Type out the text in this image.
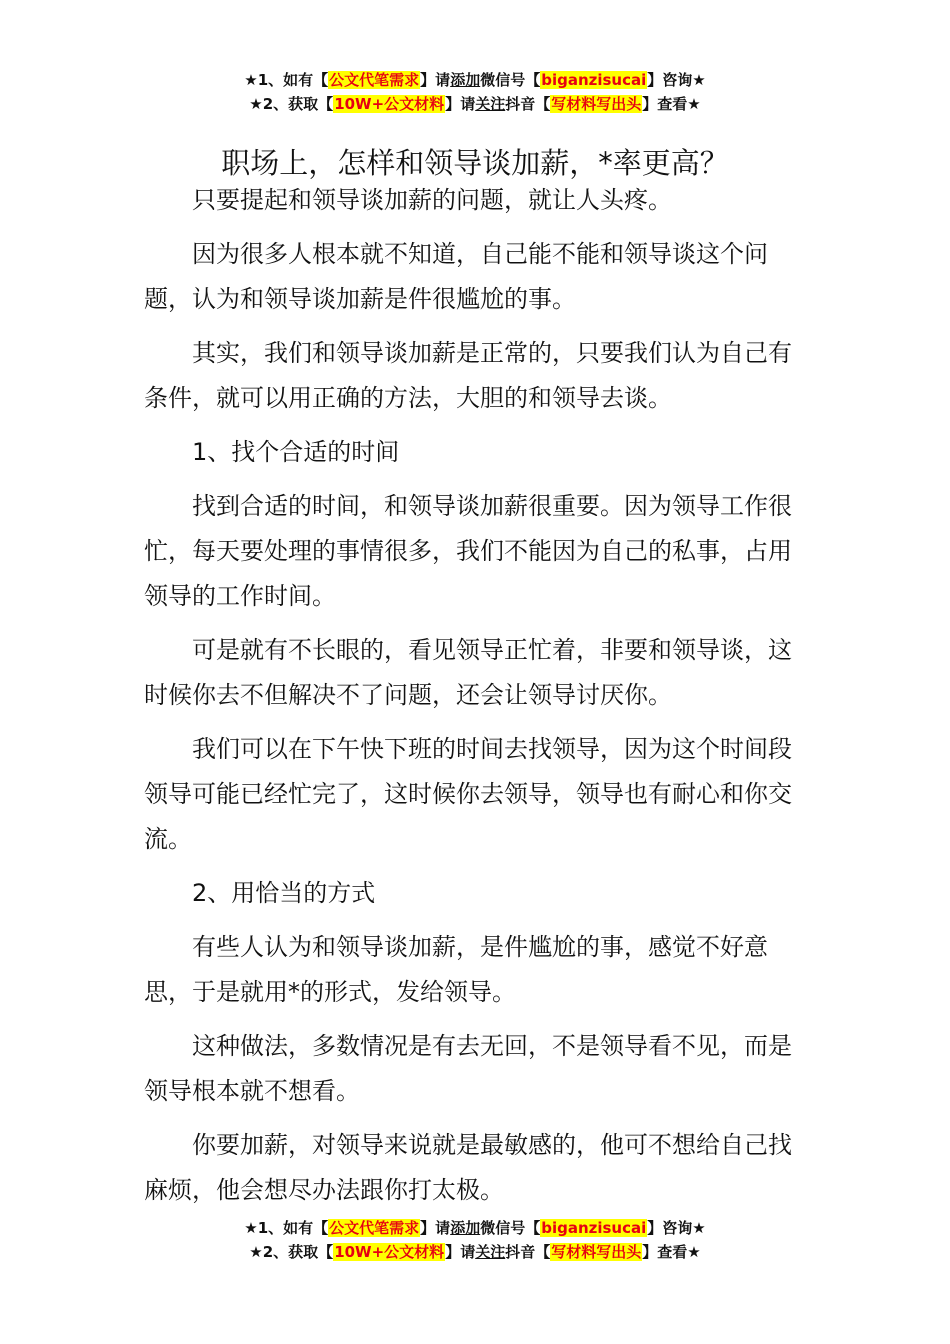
★1、如有【公文代笔需求】请添加微信号【biganzisucai】咨询★
★2、获取【10W+公文材料】请关注抖音【写材料写出头】查看★
职场上，怎样和领导谈加薪，*率更高？

只要提起和领导谈加薪的问题，就让人头疼。

因为很多人根本就不知道，自己能不能和领导谈这个问题，认为和领导谈加薪是件很尴尬的事。

其实，我们和领导谈加薪是正常的，只要我们认为自己有条件，就可以用正确的方法，大胆的和领导去谈。

1、找个合适的时间

找到合适的时间，和领导谈加薪很重要。因为领导工作很忙，每天要处理的事情很多，我们不能因为自己的私事，占用领导的工作时间。

可是就有不长眼的，看见领导正忙着，非要和领导谈，这时候你去不但解决不了问题，还会让领导讨厌你。

我们可以在下午快下班的时间去找领导，因为这个时间段领导可能已经忙完了，这时候你去领导，领导也有耐心和你交流。

2、用恰当的方式

有些人认为和领导谈加薪，是件尴尬的事，感觉不好意思，于是就用*的形式，发给领导。

这种做法，多数情况是有去无回，不是领导看不见，而是领导根本就不想看。

你要加薪，对领导来说就是最敏感的，他可不想给自己找麻烦，他会想尽办法跟你打太极。

★1、如有【公文代笔需求】请添加微信号【biganzisucai】咨询★
★2、获取【10W+公文材料】请关注抖音【写材料写出头】查看★
